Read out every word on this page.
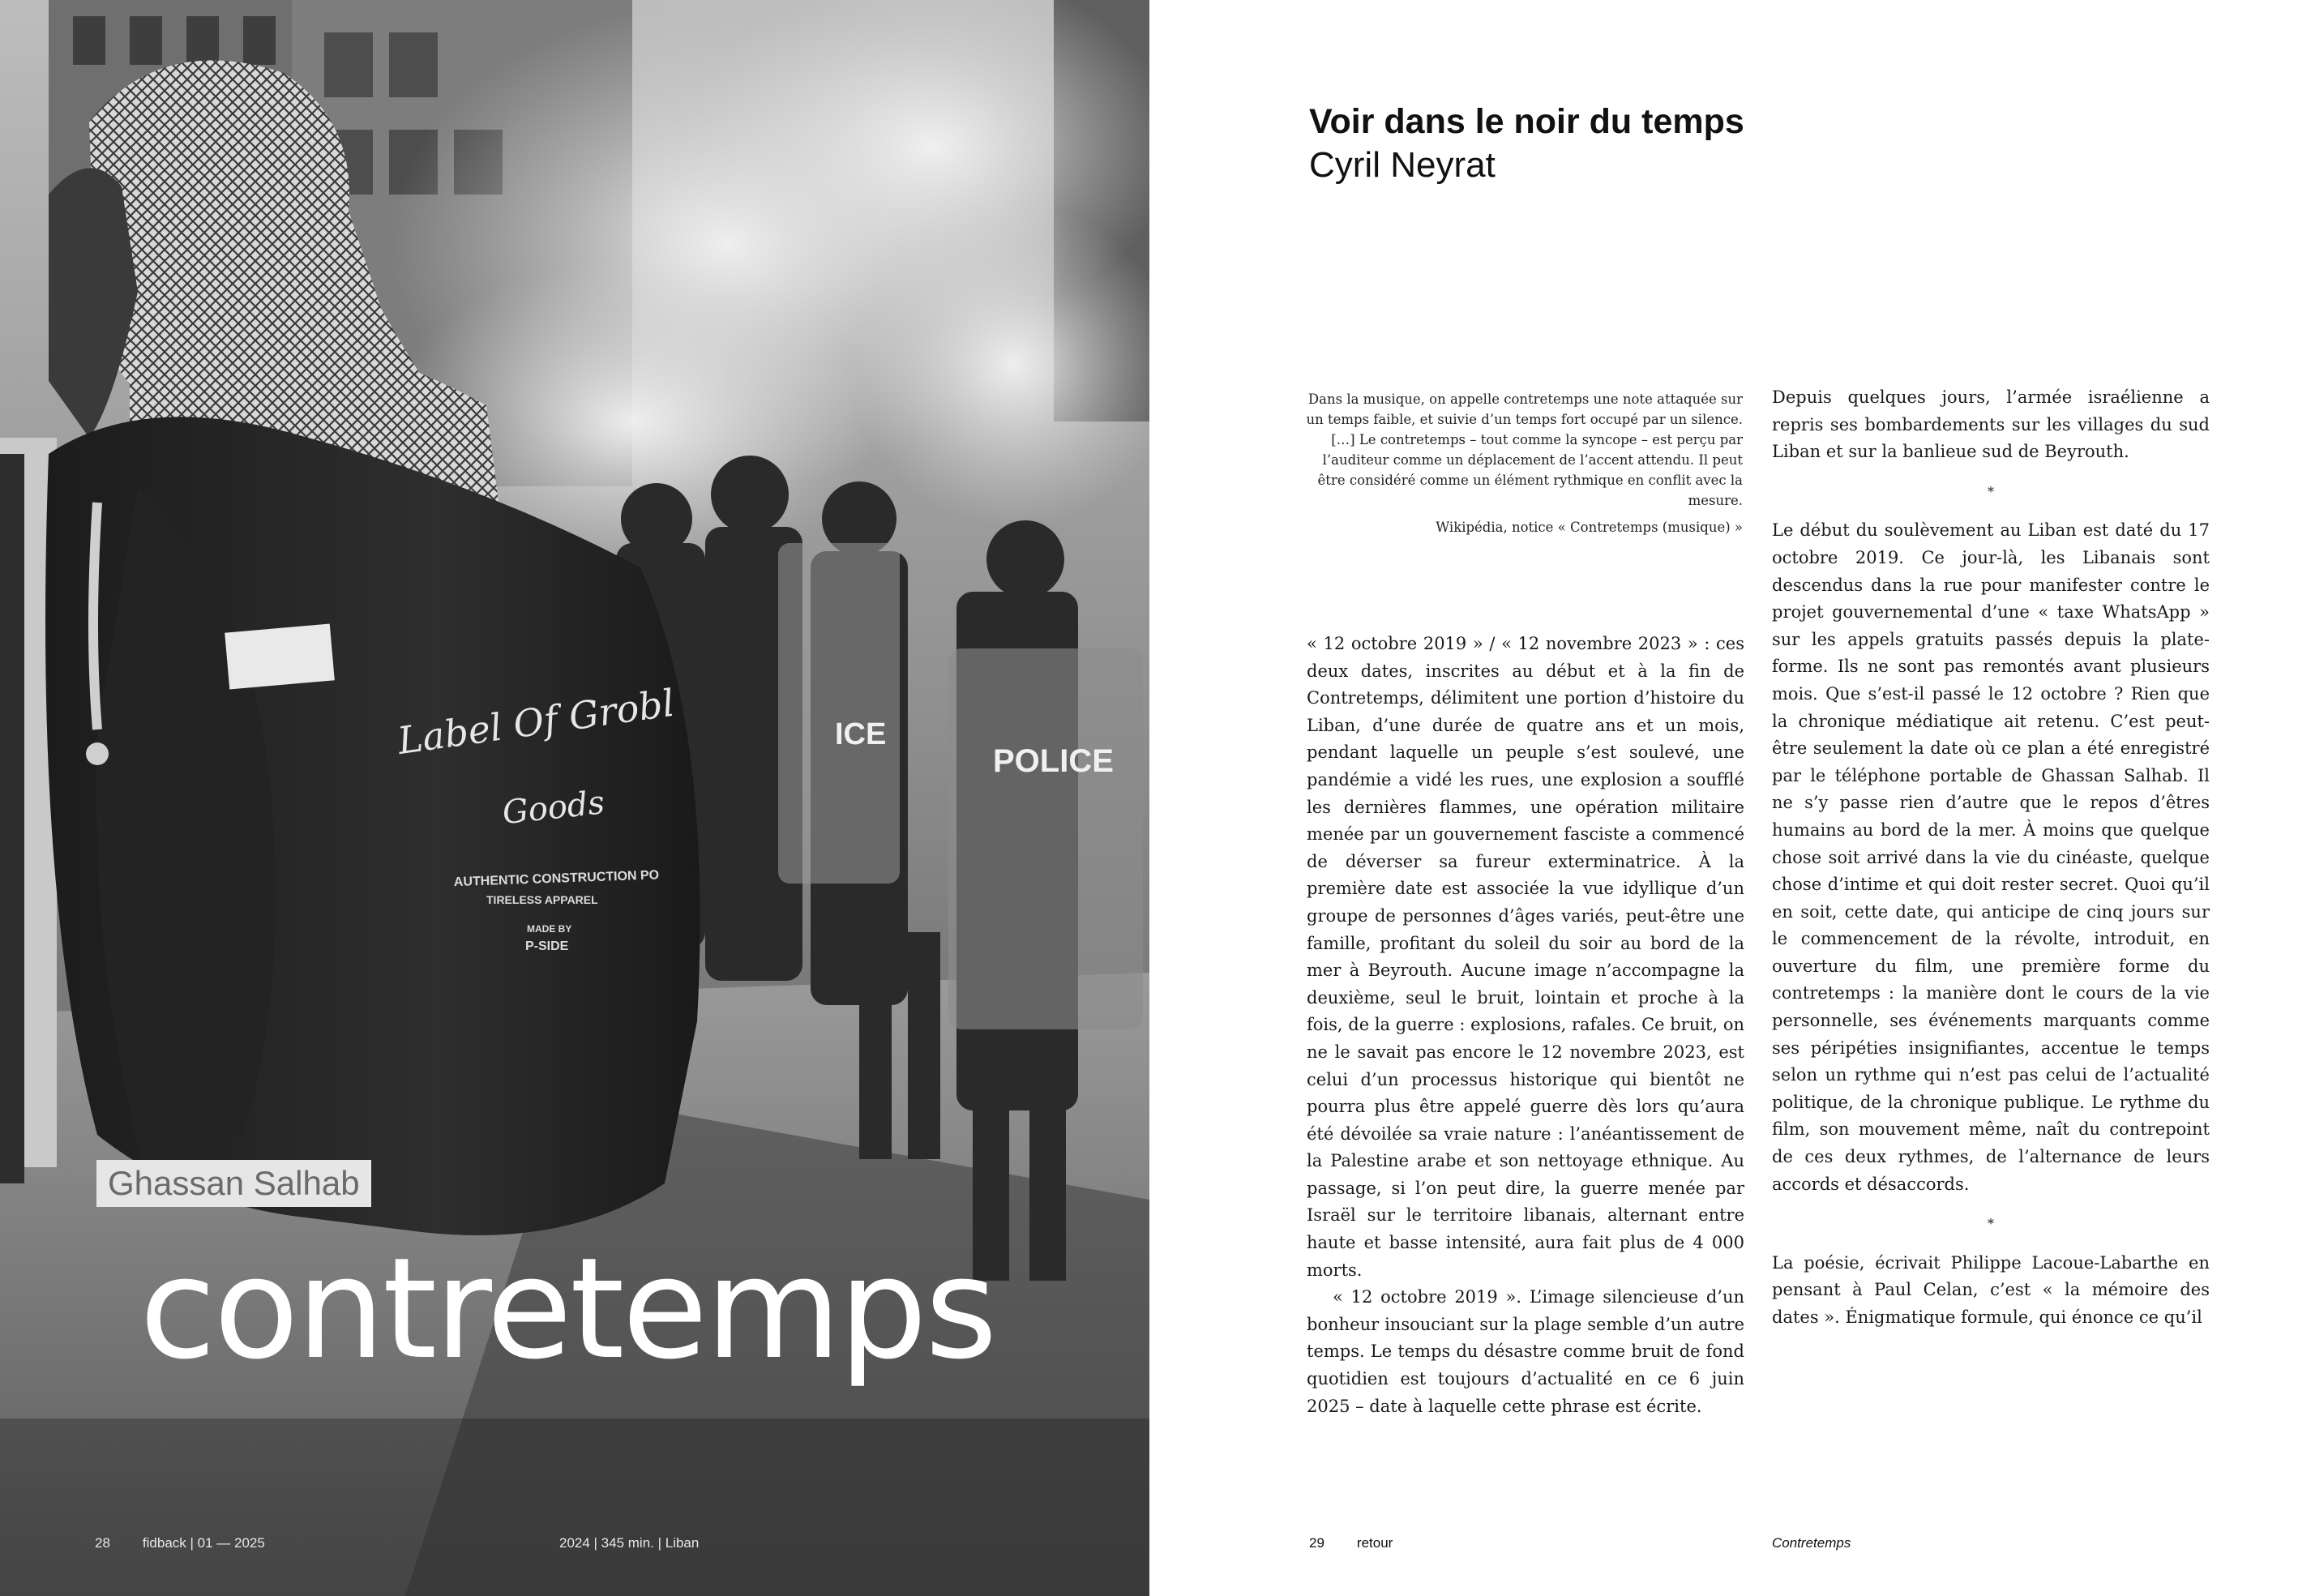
POLICE
ICE
Label Of Grobl
Goods
AUTHENTIC CONSTRUCTION PO
TIRELESS APPAREL
MADE BY
P-SIDE
Ghassan Salhab
contretemps
28 fidback | 01 — 2025	2024 | 345 min. | Liban
Voir dans le noir du temps
Cyril Neyrat

Dans la musique, on appelle contretemps une note attaquée sur un temps faible, et suivie d’un temps fort occupé par un silence. […] Le contretemps – tout comme la syncope – est perçu par l’auditeur comme un déplacement de l’accent attendu. Il peut être considéré comme un élément rythmique en conflit avec la mesure.

Wikipédia, notice « Contretemps (musique) »

« 12 octobre 2019 » / « 12 novembre 2023 » : ces deux dates, inscrites au début et à la fin de Contretemps, délimitent une portion d’histoire du Liban, d’une durée de quatre ans et un mois, pendant laquelle un peuple s’est soulevé, une pandémie a vidé les rues, une explosion a soufflé les dernières flammes, une opération militaire menée par un gouvernement fasciste a commencé de déverser sa fureur exterminatrice. À la première date est associée la vue idyllique d’un groupe de personnes d’âges variés, peut-être une famille, profitant du soleil du soir au bord de la mer à Beyrouth. Aucune image n’accompagne la deuxième, seul le bruit, lointain et proche à la fois, de la guerre : explosions, rafales. Ce bruit, on ne le savait pas encore le 12 novembre 2023, est celui d’un processus historique qui bientôt ne pourra plus être appelé guerre dès lors qu’aura été dévoilée sa vraie nature : l’anéantissement de la Palestine arabe et son nettoyage ethnique. Au passage, si l’on peut dire, la guerre menée par Israël sur le territoire libanais, alternant entre haute et basse intensité, aura fait plus de 4 000 morts.

« 12 octobre 2019 ». L’image silencieuse d’un bonheur insouciant sur la plage semble d’un autre temps. Le temps du désastre comme bruit de fond quotidien est toujours d’actualité en ce 6 juin 2025 – date à laquelle cette phrase est écrite.

Depuis quelques jours, l’armée israélienne a repris ses bombardements sur les villages du sud Liban et sur la banlieue sud de Beyrouth.

*

Le début du soulèvement au Liban est daté du 17 octobre 2019. Ce jour-là, les Libanais sont descendus dans la rue pour manifester contre le projet gouvernemental d’une « taxe WhatsApp » sur les appels gratuits passés depuis la plate-forme. Ils ne sont pas remontés avant plusieurs mois. Que s’est-il passé le 12 octobre ? Rien que la chronique médiatique ait retenu. C’est peut-être seulement la date où ce plan a été enregistré par le téléphone portable de Ghassan Salhab. Il ne s’y passe rien d’autre que le repos d’êtres humains au bord de la mer. À moins que quelque chose soit arrivé dans la vie du cinéaste, quelque chose d’intime et qui doit rester secret. Quoi qu’il en soit, cette date, qui anticipe de cinq jours sur le commencement de la révolte, introduit, en ouverture du film, une première forme du contretemps : la manière dont le cours de la vie personnelle, ses événements marquants comme ses péripéties insignifiantes, accentue le temps selon un rythme qui n’est pas celui de l’actualité politique, de la chronique publique. Le rythme du film, son mouvement même, naît du contrepoint de ces deux rythmes, de l’alternance de leurs accords et désaccords.

*

La poésie, écrivait Philippe Lacoue-Labarthe en pensant à Paul Celan, c’est « la mémoire des dates ». Énigmatique formule, qui énonce ce qu’il

29 retour	Contretemps
